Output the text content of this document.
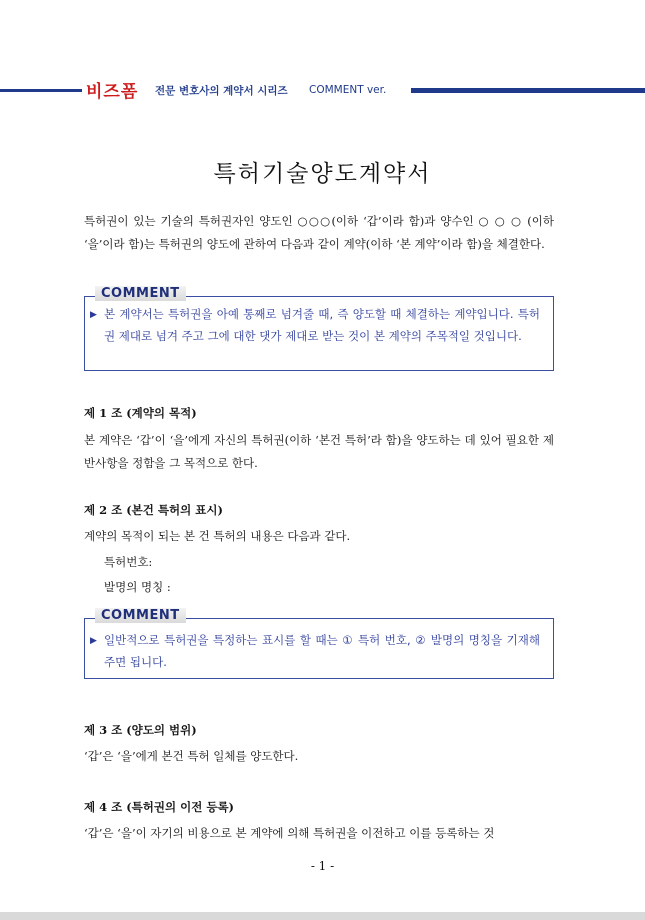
비즈폼 전문 변호사의 계약서 시리즈 COMMENT ver.
특허기술양도계약서
특허권이 있는 기술의 특허권자인 양도인 ○○○(이하 ‘갑’이라 함)과 양수인 ○ ○ ○ (이하 ‘을’이라 함)는 특허권의 양도에 관하여 다음과 같이 계약(이하 ‘본 계약’이라 함)을 체결한다.
COMMENT
▶ 본 계약서는 특허권을 아예 통째로 넘겨줄 때, 즉 양도할 때 체결하는 계약입니다. 특허권 제대로 넘겨 주고 그에 대한 댓가 제대로 받는 것이 본 계약의 주목적일 것입니다.
제 1 조 (계약의 목적)
본 계약은 ‘갑’이 ‘을’에게 자신의 특허권(이하 ‘본건 특허’라 함)을 양도하는 데 있어 필요한 제반사항을 정함을 그 목적으로 한다.
제 2 조 (본건 특허의 표시)
계약의 목적이 되는 본 건 특허의 내용은 다음과 같다.
특허번호:
발명의 명칭 :
COMMENT
▶ 일반적으로 특허권을 특정하는 표시를 할 때는 ① 특허 번호, ② 발명의 명칭을 기재해 주면 됩니다.
제 3 조 (양도의 범위)
‘갑’은 ‘을’에게 본건 특허 일체를 양도한다.
제 4 조 (특허권의 이전 등록)
‘갑’은 ‘을’이 자기의 비용으로 본 계약에 의해 특허권을 이전하고 이를 등록하는 것
- 1 -
